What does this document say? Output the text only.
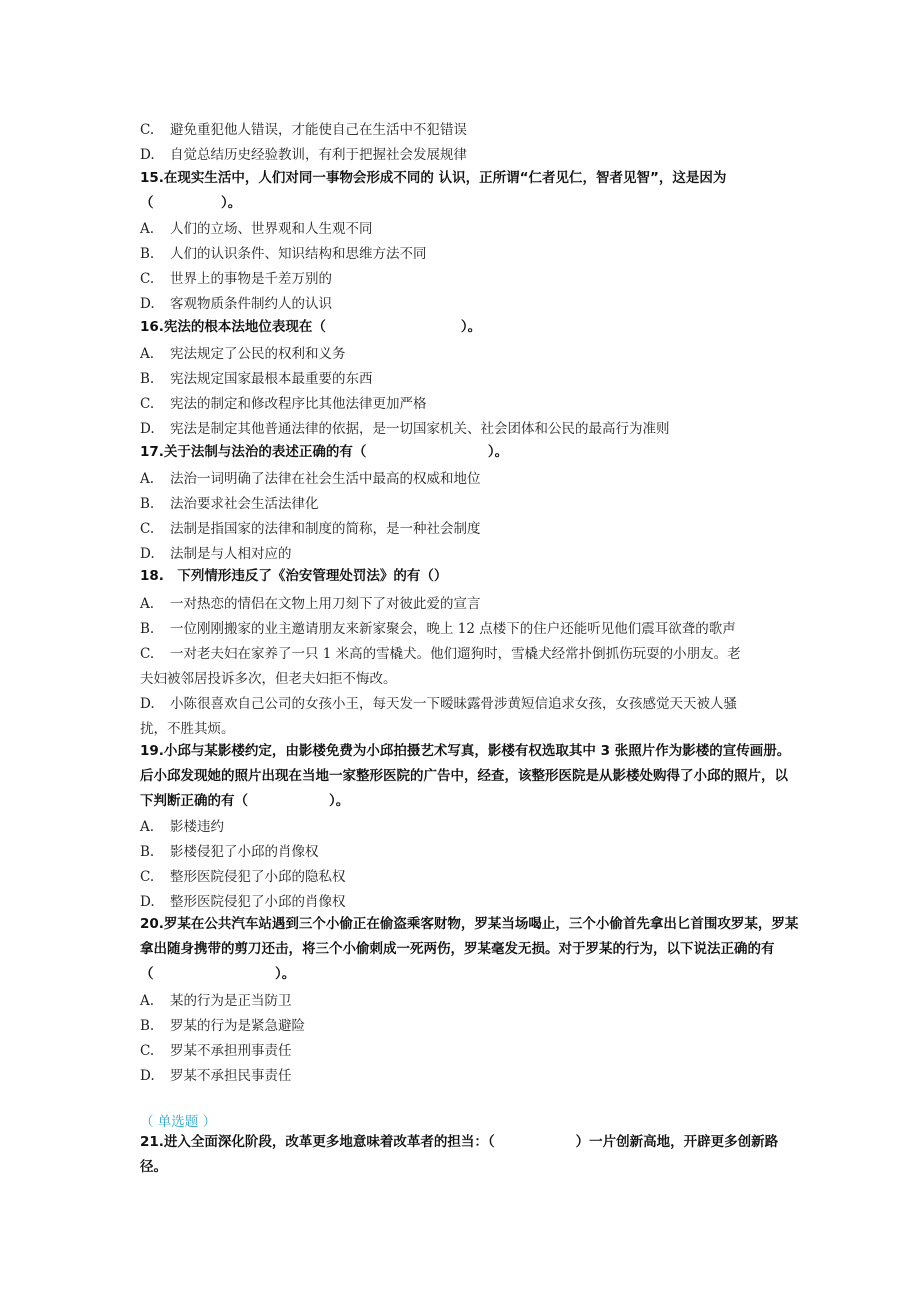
C. 避免重犯他人错误，才能使自己在生活中不犯错误
D. 自觉总结历史经验教训，有利于把握社会发展规律
15.在现实生活中，人们对同一事物会形成不同的 认识，正所谓“仁者见仁，智者见智”，这是因为
（　　　　　）。
A. 人们的立场、世界观和人生观不同
B. 人们的认识条件、知识结构和思维方法不同
C. 世界上的事物是千差万别的
D. 客观物质条件制约人的认识
16.宪法的根本法地位表现在（　　　　　　　　　　）。
A. 宪法规定了公民的权利和义务
B. 宪法规定国家最根本最重要的东西
C. 宪法的制定和修改程序比其他法律更加严格
D. 宪法是制定其他普通法律的依据，是一切国家机关、社会团体和公民的最高行为准则
17.关于法制与法治的表述正确的有（　　　　　　　　　）。
A. 法治一词明确了法律在社会生活中最高的权威和地位
B. 法治要求社会生活法律化
C. 法制是指国家的法律和制度的简称，是一种社会制度
D. 法制是与人相对应的
18.　下列情形违反了《治安管理处罚法》的有（）
A. 一对热恋的情侣在文物上用刀刻下了对彼此爱的宣言
B. 一位刚刚搬家的业主邀请朋友来新家聚会，晚上 12 点楼下的住户还能听见他们震耳欲聋的歌声
C. 一对老夫妇在家养了一只 1 米高的雪橇犬。他们遛狗时，雪橇犬经常扑倒抓伤玩耍的小朋友。老
夫妇被邻居投诉多次，但老夫妇拒不悔改。
D. 小陈很喜欢自己公司的女孩小王，每天发一下暧昧露骨涉黄短信追求女孩，女孩感觉天天被人骚
扰，不胜其烦。
19.小邱与某影楼约定，由影楼免费为小邱拍摄艺术写真，影楼有权选取其中 3 张照片作为影楼的宣传画册。后小邱发现她的照片出现在当地一家整形医院的广告中，经查，该整形医院是从影楼处购得了小邱的照片，以下判断正确的有（　　　　　　）。
A. 影楼违约
B. 影楼侵犯了小邱的肖像权
C. 整形医院侵犯了小邱的隐私权
D. 整形医院侵犯了小邱的肖像权
20.罗某在公共汽车站遇到三个小偷正在偷盗乘客财物，罗某当场喝止，三个小偷首先拿出匕首围攻罗某，罗某拿出随身携带的剪刀还击，将三个小偷刺成一死两伤，罗某毫发无损。对于罗某的行为，以下说法正确的有（　　　　　　　　　）。
A. 某的行为是正当防卫
B. 罗某的行为是紧急避险
C. 罗某不承担刑事责任
D. 罗某不承担民事责任
（ 单选题 ）
21.进入全面深化阶段，改革更多地意味着改革者的担当：（　　　　　　）一片创新高地，开辟更多创新路径。
